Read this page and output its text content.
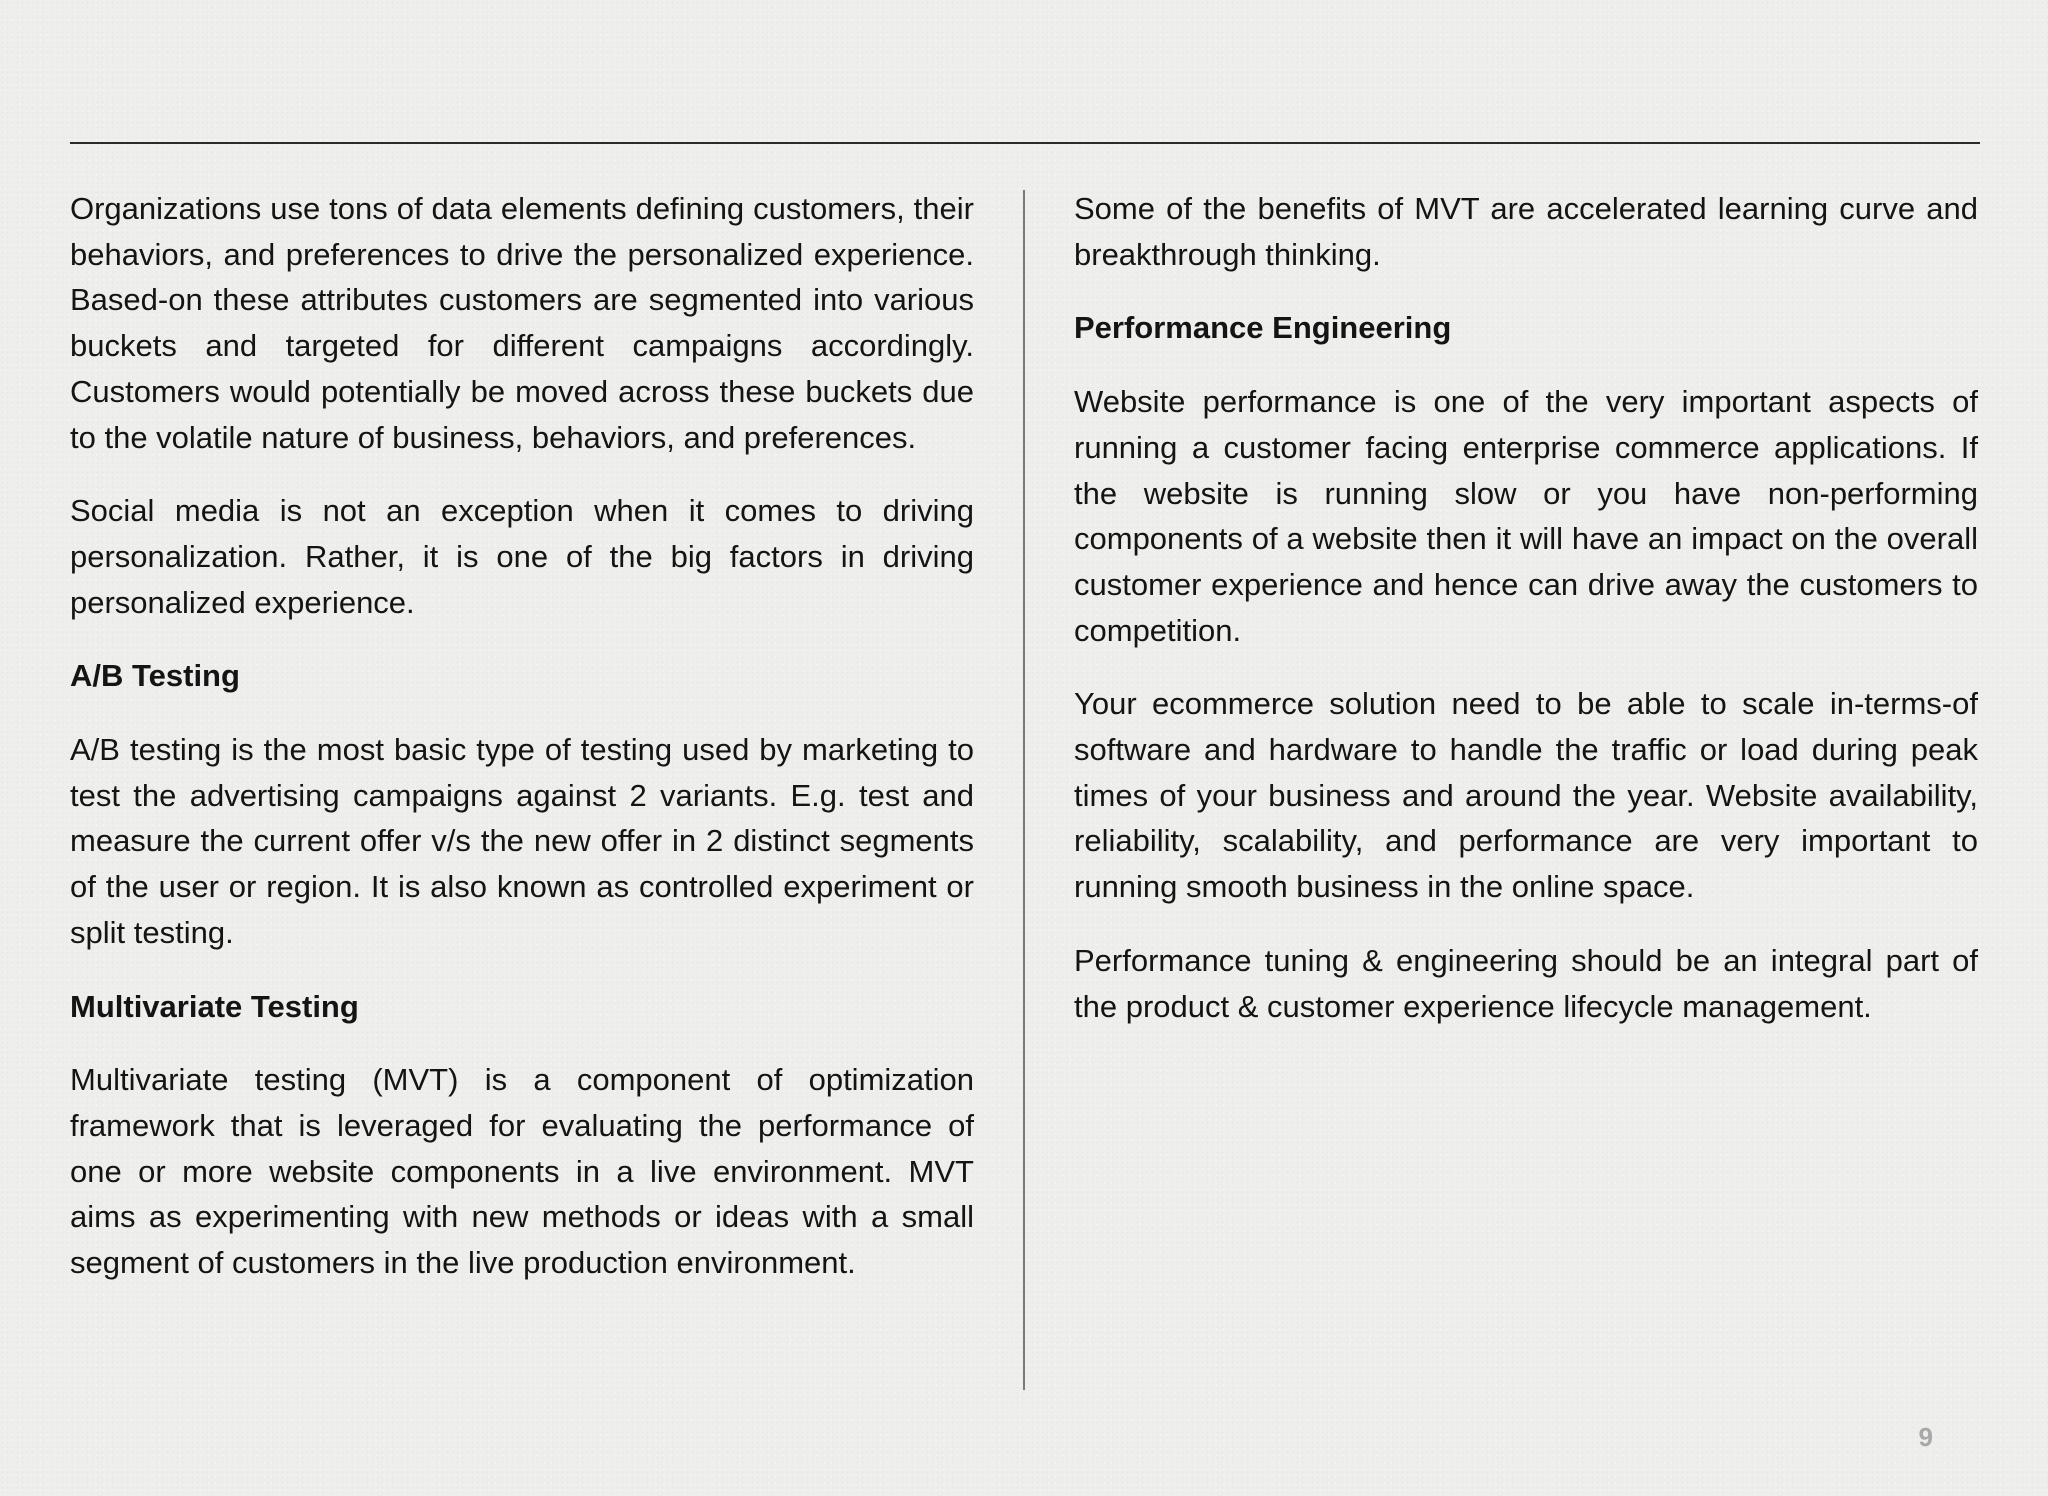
Organizations use tons of data elements defining customers, their behaviors, and preferences to drive the personalized experience. Based-on these attributes customers are segmented into various buckets and targeted for different campaigns accordingly. Customers would potentially be moved across these buckets due to the volatile nature of business, behaviors, and preferences.

Social media is not an exception when it comes to driving personalization. Rather, it is one of the big factors in driving personalized experience.

A/B Testing

A/B testing is the most basic type of testing used by marketing to test the advertising campaigns against 2 variants. E.g. test and measure the current offer v/s the new offer in 2 distinct segments of the user or region. It is also known as controlled experiment or split testing.

Multivariate Testing

Multivariate testing (MVT) is a component of optimization framework that is leveraged for evaluating the performance of one or more website components in a live environment. MVT aims as experimenting with new methods or ideas with a small segment of customers in the live production environment.

Some of the benefits of MVT are accelerated learning curve and breakthrough thinking.

Performance Engineering

Website performance is one of the very important aspects of running a customer facing enterprise commerce applications. If the website is running slow or you have non-performing components of a website then it will have an impact on the overall customer experience and hence can drive away the customers to competition.

Your ecommerce solution need to be able to scale in-terms-of software and hardware to handle the traffic or load during peak times of your business and around the year. Website availability, reliability, scalability, and performance are very important to running smooth business in the online space.

Performance tuning & engineering should be an integral part of the product & customer experience lifecycle management.

9
